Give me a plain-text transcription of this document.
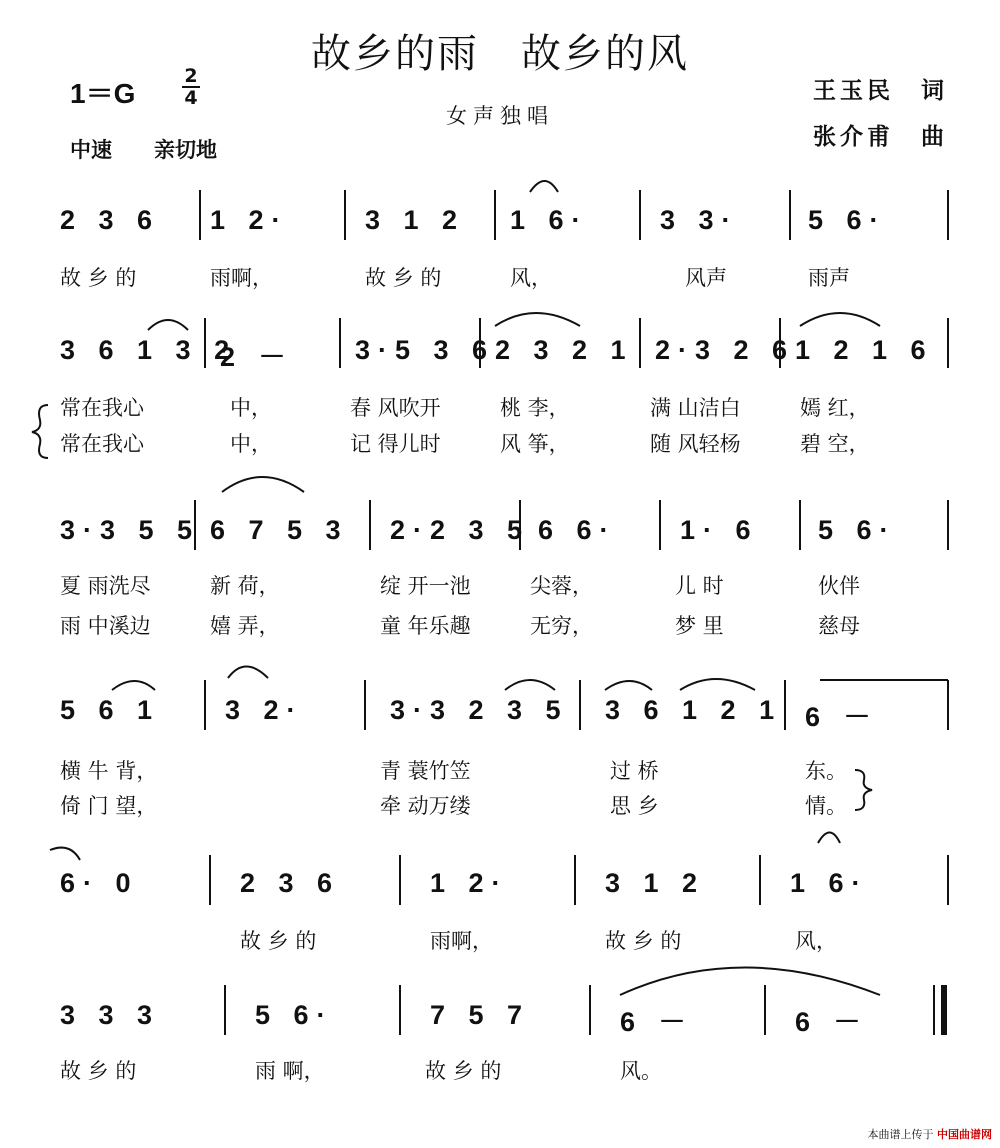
故乡的雨　故乡的风
女声独唱
1＝G
2
4
中速　　亲切地
王玉民　词
张介甫　曲
2 3 6 1 2·	3 1 2 1 6·	3 3·	5 6·
故 乡 的	雨啊，	故 乡 的	风，	风声	雨声
3 6 1 3 2
2 － 3·5 3 6 2 3 2 1 2·3 2 6 1 2 1 6
常在我心	中，	春 风吹开	桃 李，	满 山洁白	嫣 红，
常在我心	中，	记 得儿时	风 筝，	随 风轻杨	碧 空，
3·3 5 5 6 7 5 3 2·2 3 5 6 6· 1· 6 5 6·
夏 雨洗尽	新 荷，	绽 开一池	尖蓉，	儿 时	伙伴
雨 中溪边	嬉 弄，	童 年乐趣	无穷，	梦 里	慈母
5 6 1 3 2·	3·3 2 3 5 3 6 1 2 1 6 －
横 牛 背，	青 蓑竹笠	过 桥	东。
倚 门 望，	牵 动万缕	思 乡	情。
6· 0	2 3 6	1 2·	3 1 2	1 6·
故 乡 的	雨啊，	故 乡 的	风，
3 3 3	5 6·	7 5 7	6 －	6 －
故 乡 的	雨 啊，	故 乡 的	风。
本曲谱上传于 中国曲谱网
